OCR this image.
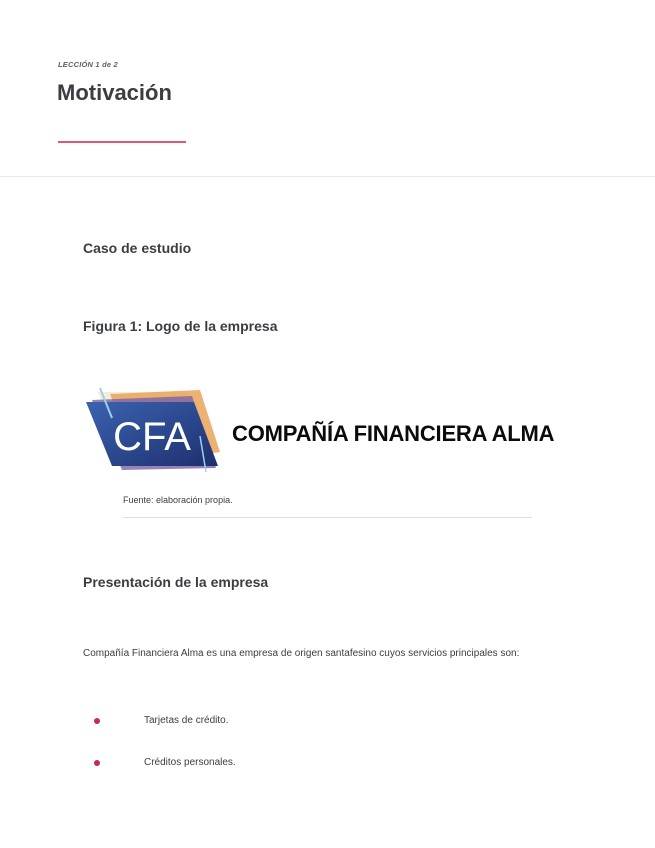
LECCIÓN 1 de 2
Motivación
Caso de estudio
Figura 1: Logo de la empresa
CFA COMPAÑÍA FINANCIERA ALMA
Fuente: elaboración propia.
Presentación de la empresa
Compañía Financiera Alma es una empresa de origen santafesino cuyos servicios principales son:
Tarjetas de crédito.
Créditos personales.
